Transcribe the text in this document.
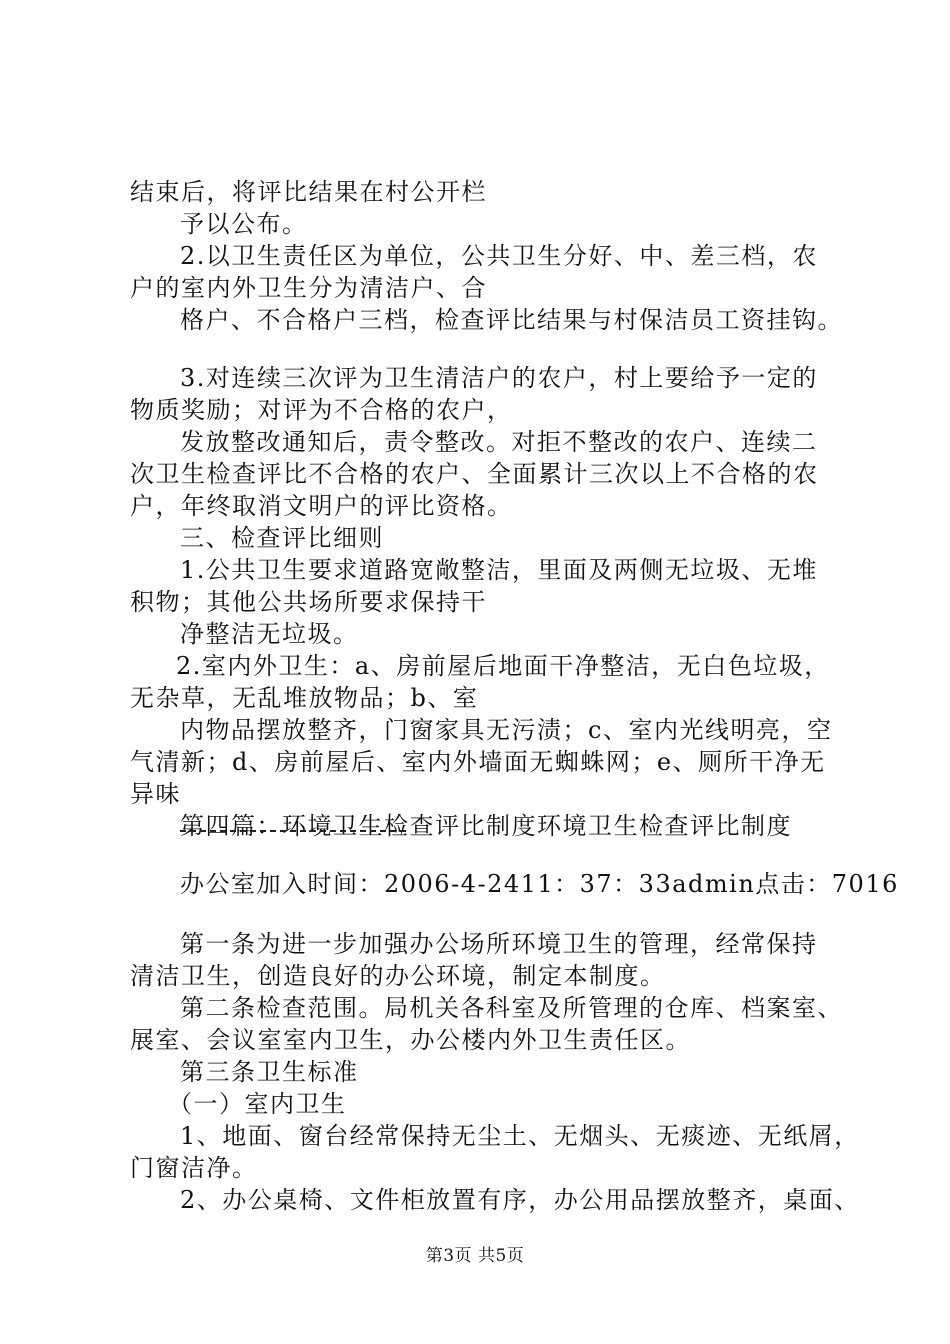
结束后，将评比结果在村公开栏

予以公布。

2.以卫生责任区为单位，公共卫生分好、中、差三档，农

户的室内外卫生分为清洁户、合

格户、不合格户三档，检查评比结果与村保洁员工资挂钩。

3.对连续三次评为卫生清洁户的农户，村上要给予一定的

物质奖励；对评为不合格的农户，

发放整改通知后，责令整改。对拒不整改的农户、连续二

次卫生检查评比不合格的农户、全面累计三次以上不合格的农

户，年终取消文明户的评比资格。

三、检查评比细则

1.公共卫生要求道路宽敞整洁，里面及两侧无垃圾、无堆

积物；其他公共场所要求保持干

净整洁无垃圾。

2.室内外卫生：a、房前屋后地面干净整洁，无白色垃圾，

无杂草，无乱堆放物品；b、室

内物品摆放整齐，门窗家具无污渍；c、室内光线明亮，空

气清新；d、房前屋后、室内外墙面无蜘蛛网；e、厕所干净无

异味

第四篇：环境卫生检查评比制度环境卫生检查评比制度

办公室加入时间：2006-4-2411：37：33admin点击：7016

第一条为进一步加强办公场所环境卫生的管理，经常保持

清洁卫生，创造良好的办公环境，制定本制度。

第二条检查范围。局机关各科室及所管理的仓库、档案室、

展室、会议室室内卫生，办公楼内外卫生责任区。

第三条卫生标准

（一）室内卫生

1、地面、窗台经常保持无尘土、无烟头、无痰迹、无纸屑，

门窗洁净。

2、办公桌椅、文件柜放置有序，办公用品摆放整齐，桌面、

第3页 共5页
